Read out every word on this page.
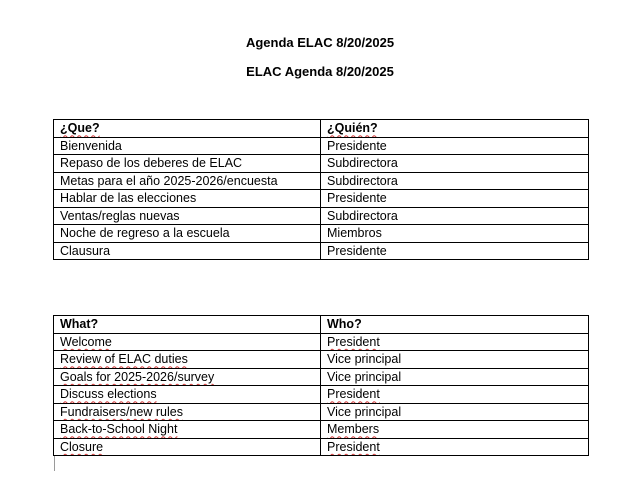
Agenda ELAC 8/20/2025
ELAC Agenda 8/20/2025
¿Que?	¿Quién?
Bienvenida	Presidente
Repaso de los deberes de ELAC	Subdirectora
Metas para el año 2025-2026/encuesta	Subdirectora
Hablar de las elecciones	Presidente
Ventas/reglas nuevas	Subdirectora
Noche de regreso a la escuela	Miembros
Clausura	Presidente
What?	Who?
Welcome	President
Review of ELAC duties	Vice principal
Goals for 2025-2026/survey	Vice principal
Discuss elections	President
Fundraisers/new rules	Vice principal
Back-to-School Night	Members
Closure	President
